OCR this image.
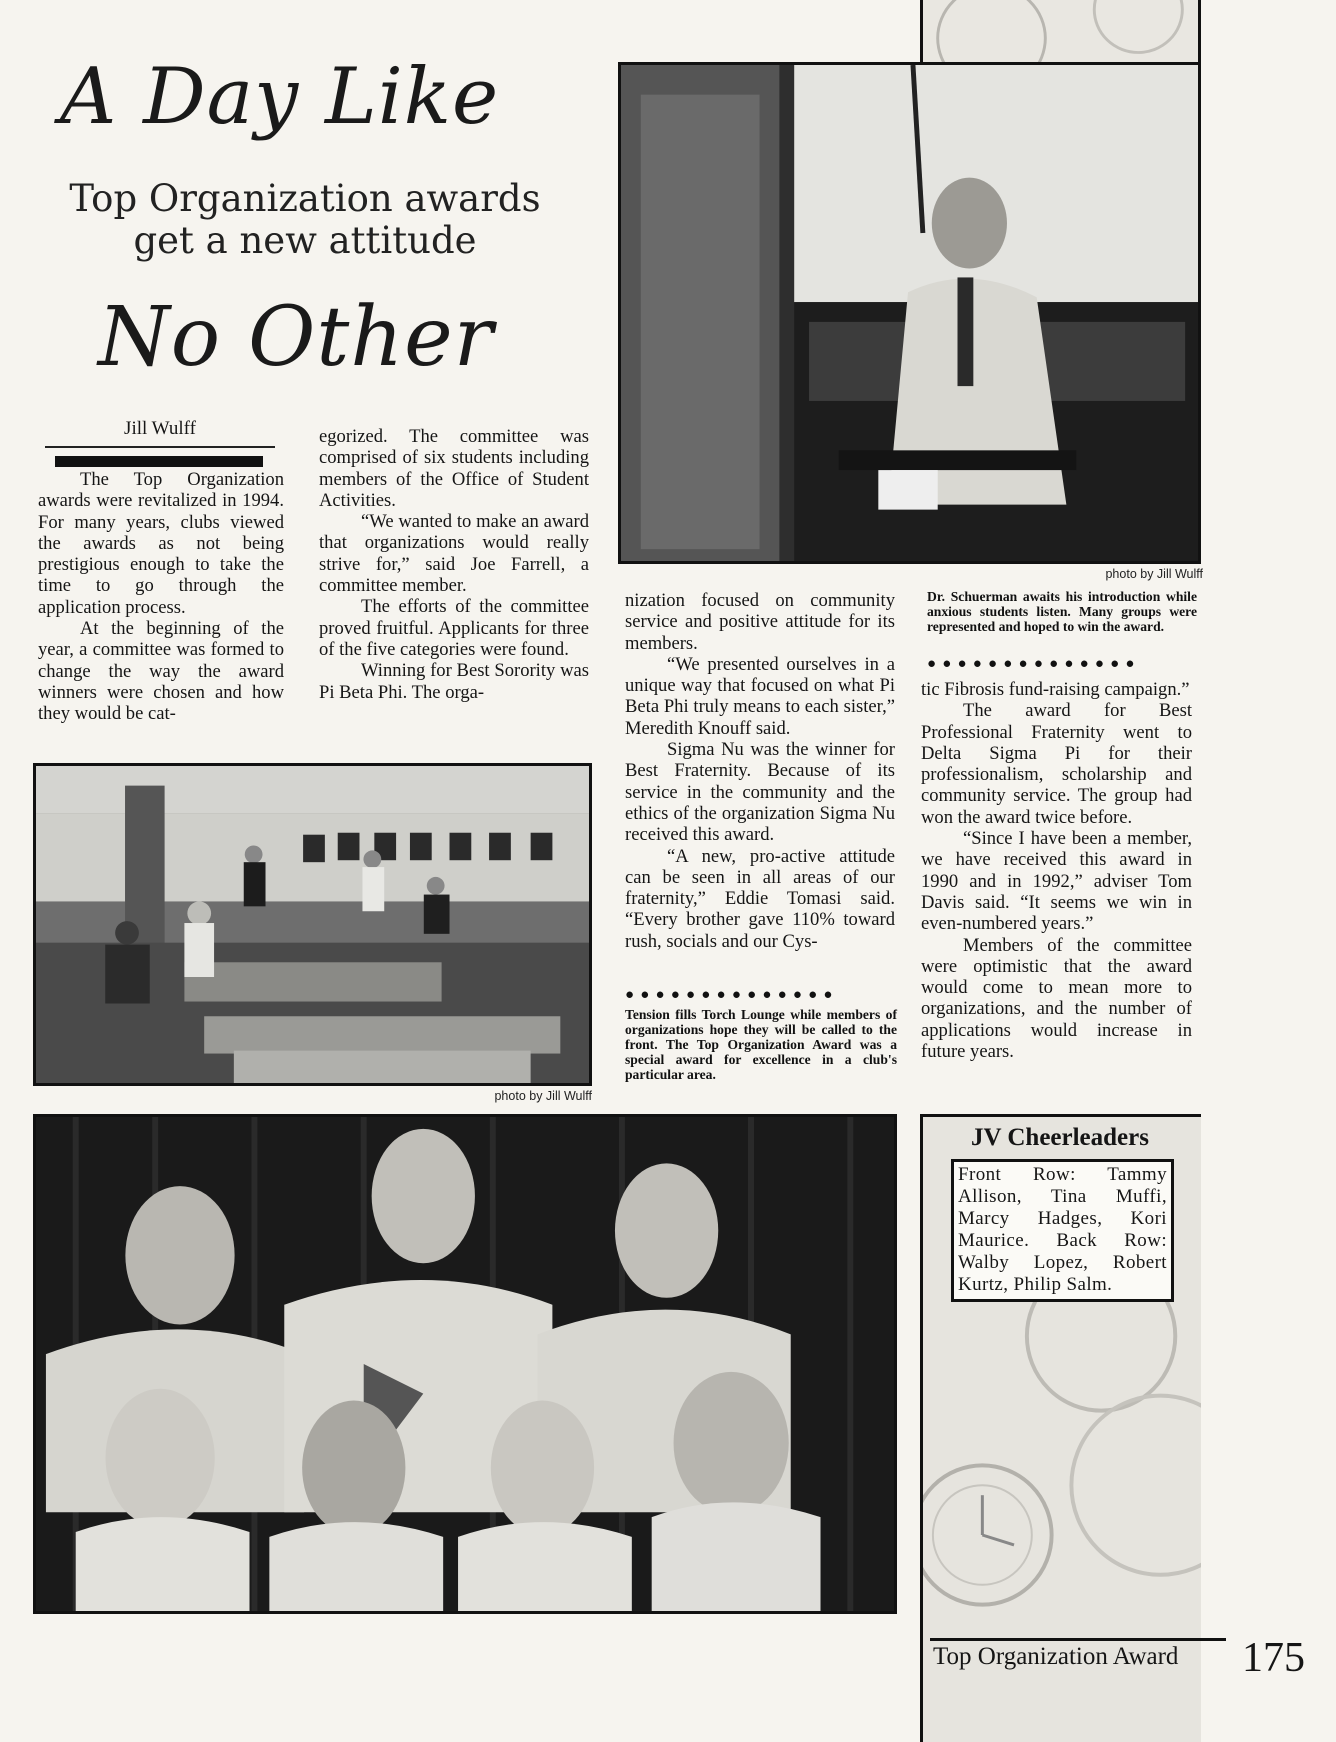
A Day Like
Top Organization awards
get a new attitude
No Other
Jill Wulff

The Top Organization awards were revitalized in 1994. For many years, clubs viewed the awards as not being prestigious enough to take the time to go through the application process.

At the beginning of the year, a committee was formed to change the way the award winners were chosen and how they would be cat-

egorized. The committee was comprised of six students including members of the Office of Student Activities.

“We wanted to make an award that organizations would really strive for,” said Joe Farrell, a committee member.

The efforts of the committee proved fruitful. Applicants for three of the five categories were found.

Winning for Best Sorority was Pi Beta Phi. The orga-

photo by Jill Wulff
Dr. Schuerman awaits his introduction while anxious students listen. Many groups were represented and hoped to win the award.
●●●●●●●●●●●●●●

nization focused on community service and positive attitude for its members.

“We presented ourselves in a unique way that focused on what Pi Beta Phi truly means to each sister,” Meredith Knouff said.

Sigma Nu was the winner for Best Fraternity. Because of its service in the community and the ethics of the organization Sigma Nu received this award.

“A new, pro-active attitude can be seen in all areas of our fraternity,” Eddie Tomasi said. “Every brother gave 110% toward rush, socials and our Cys-

tic Fibrosis fund-raising campaign.”

The award for Best Professional Fraternity went to Delta Sigma Pi for their professionalism, scholarship and community service. The group had won the award twice before.

“Since I have been a member, we have received this award in 1990 and in 1992,” adviser Tom Davis said. “It seems we win in even-numbered years.”

Members of the committee were optimistic that the award would come to mean more to organizations, and the number of applications would increase in future years.

photo by Jill Wulff
●●●●●●●●●●●●●●
Tension fills Torch Lounge while members of organizations hope they will be called to the front. The Top Organization Award was a special award for excellence in a club's particular area.
JV Cheerleaders
Front Row: Tammy Allison, Tina Muffi, Marcy Hadges, Kori Maurice. Back Row: Walby Lopez, Robert Kurtz, Philip Salm.
Top Organization Award 175
